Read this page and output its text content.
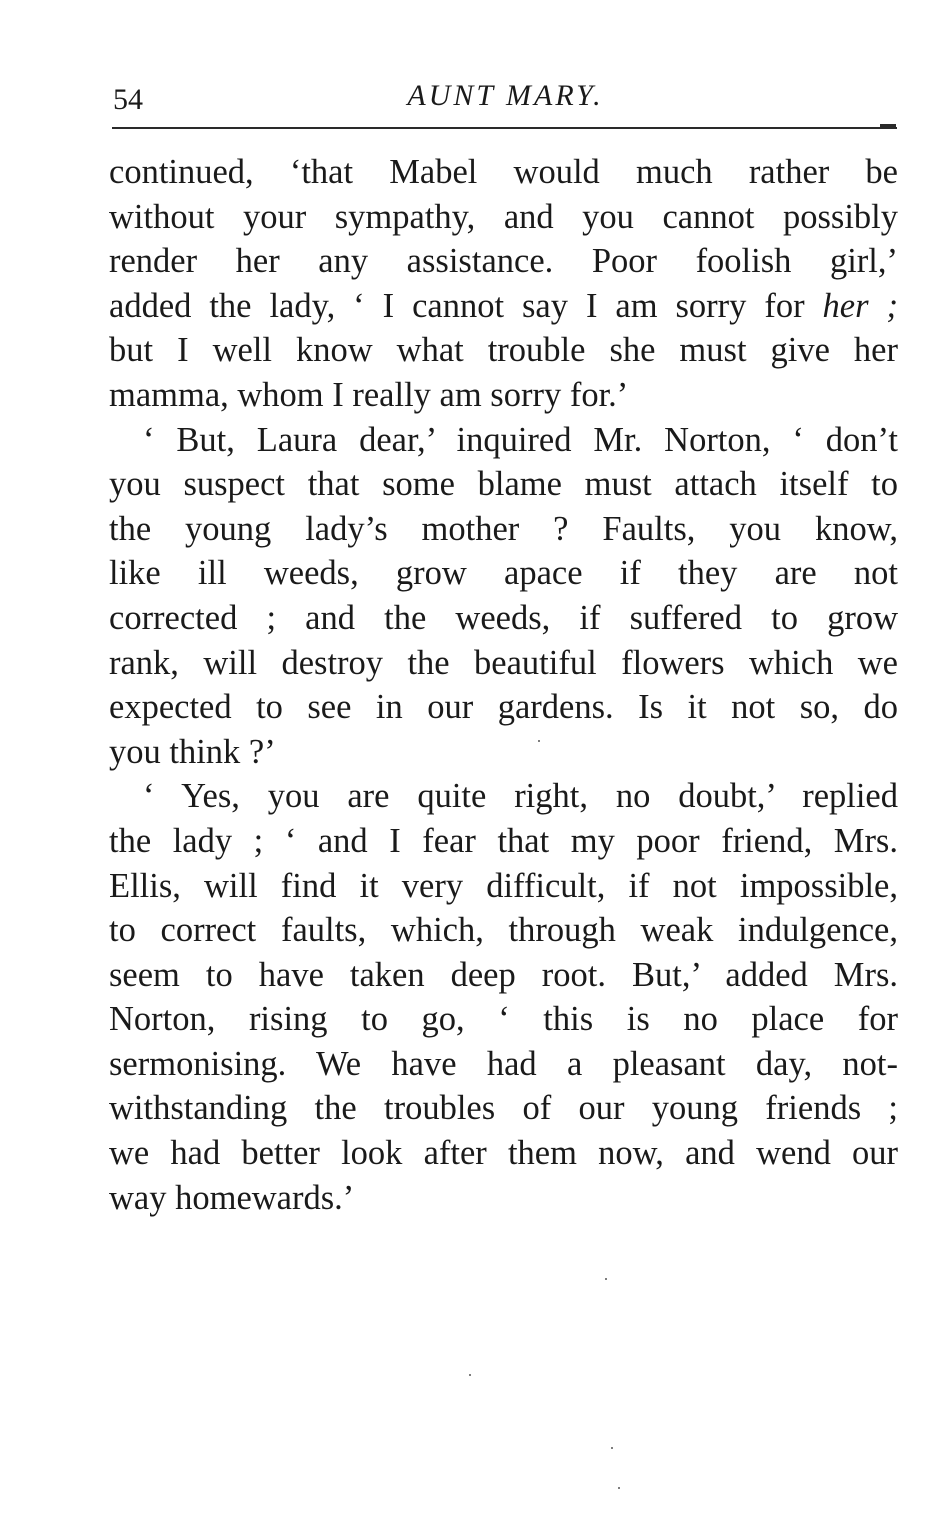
54	AUNT MARY.

continued, ‘that Mabel would much rather be
without your sympathy, and you cannot possibly
render her any assistance. Poor foolish girl,’
added the lady, ‘ I cannot say I am sorry for her ;
but I well know what trouble she must give her
mamma, whom I really am sorry for.’

‘ But, Laura dear,’ inquired Mr. Norton, ‘ don’t
you suspect that some blame must attach itself to
the young lady’s mother ? Faults, you know,
like ill weeds, grow apace if they are not
corrected ; and the weeds, if suffered to grow
rank, will destroy the beautiful flowers which we
expected to see in our gardens. Is it not so, do
you think ?’

‘ Yes, you are quite right, no doubt,’ replied
the lady ; ‘ and I fear that my poor friend, Mrs.
Ellis, will find it very difficult, if not impossible,
to correct faults, which, through weak indulgence,
seem to have taken deep root. But,’ added Mrs.
Norton, rising to go, ‘ this is no place for
sermonising. We have had a pleasant day, not-
withstanding the troubles of our young friends ;
we had better look after them now, and wend our
way homewards.’
